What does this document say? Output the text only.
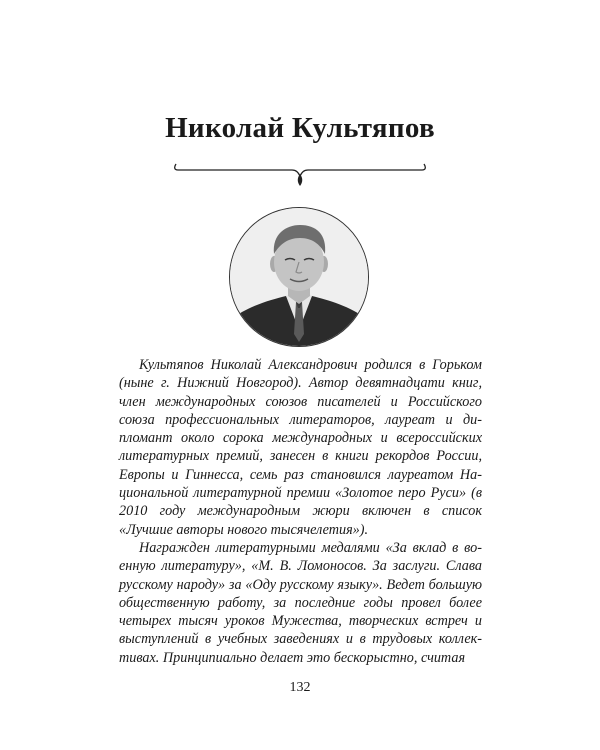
Николай Культяпов

Культяпов Николай Александрович родился в Горьком (ныне г. Нижний Новгород). Автор девятнадцати книг, член международных союзов писателей и Российского союза профессиональных литераторов, лауреат и дипломант около сорока международных и всероссийских литературных премий, занесен в книги рекордов России, Европы и Гиннесса, семь раз становился лауреатом Национальной литературной премии «Золотое перо Руси» (в 2010 году международным жюри включен в список «Лучшие авторы нового тысячелетия»).

Награжден литературными медалями «За вклад в военную литературу», «М. В. Ломоносов. За заслуги. Слава русскому народу» за «Оду русскому языку». Ведет большую общественную работу, за последние годы провел более четырех тысяч уроков Мужества, творческих встреч и выступлений в учебных заведениях и в трудовых коллективах. Принципиально делает это бескорыстно, считая

132
